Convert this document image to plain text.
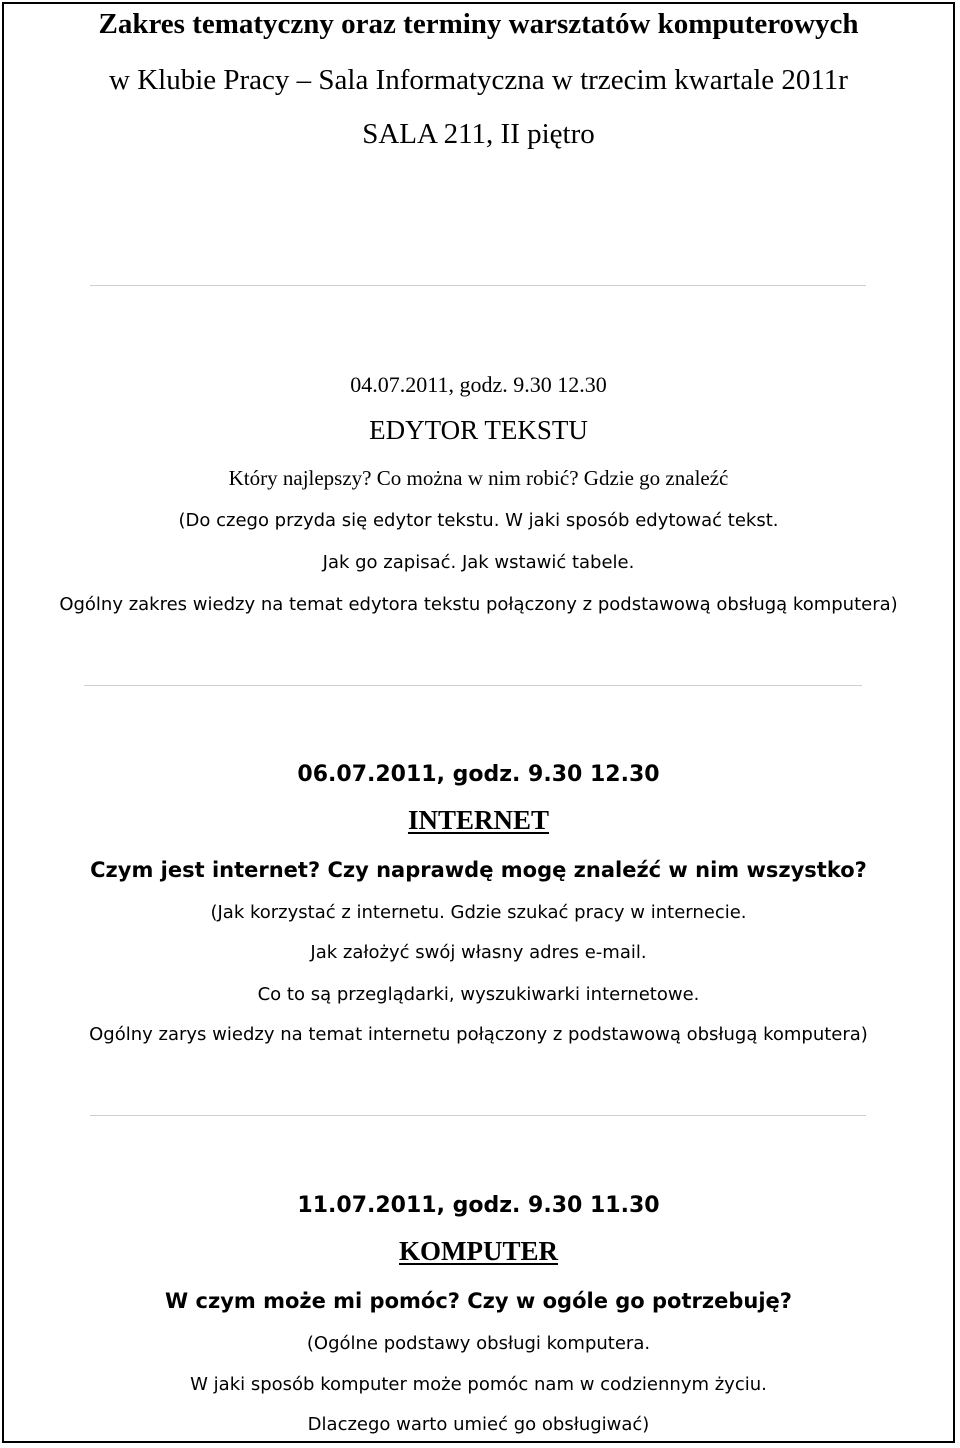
Zakres tematyczny oraz terminy warsztatów komputerowych
w Klubie Pracy – Sala Informatyczna w trzecim kwartale 2011r
SALA 211, II piętro
04.07.2011, godz. 9.30 12.30
EDYTOR TEKSTU
Który najlepszy? Co można w nim robić? Gdzie go znaleźć
(Do czego przyda się edytor tekstu. W jaki sposób edytować tekst.
Jak go zapisać. Jak wstawić tabele.
Ogólny zakres wiedzy na temat edytora tekstu połączony z podstawową obsługą komputera)
06.07.2011, godz. 9.30 12.30
INTERNET
Czym jest internet? Czy naprawdę mogę znaleźć w nim wszystko?
(Jak korzystać z internetu. Gdzie szukać pracy w internecie.
Jak założyć swój własny adres e-mail.
Co to są przeglądarki, wyszukiwarki internetowe.
Ogólny zarys wiedzy na temat internetu połączony z podstawową obsługą komputera)
11.07.2011, godz. 9.30 11.30
KOMPUTER
W czym może mi pomóc? Czy w ogóle go potrzebuję?
(Ogólne podstawy obsługi komputera.
W jaki sposób komputer może pomóc nam w codziennym życiu.
Dlaczego warto umieć go obsługiwać)
